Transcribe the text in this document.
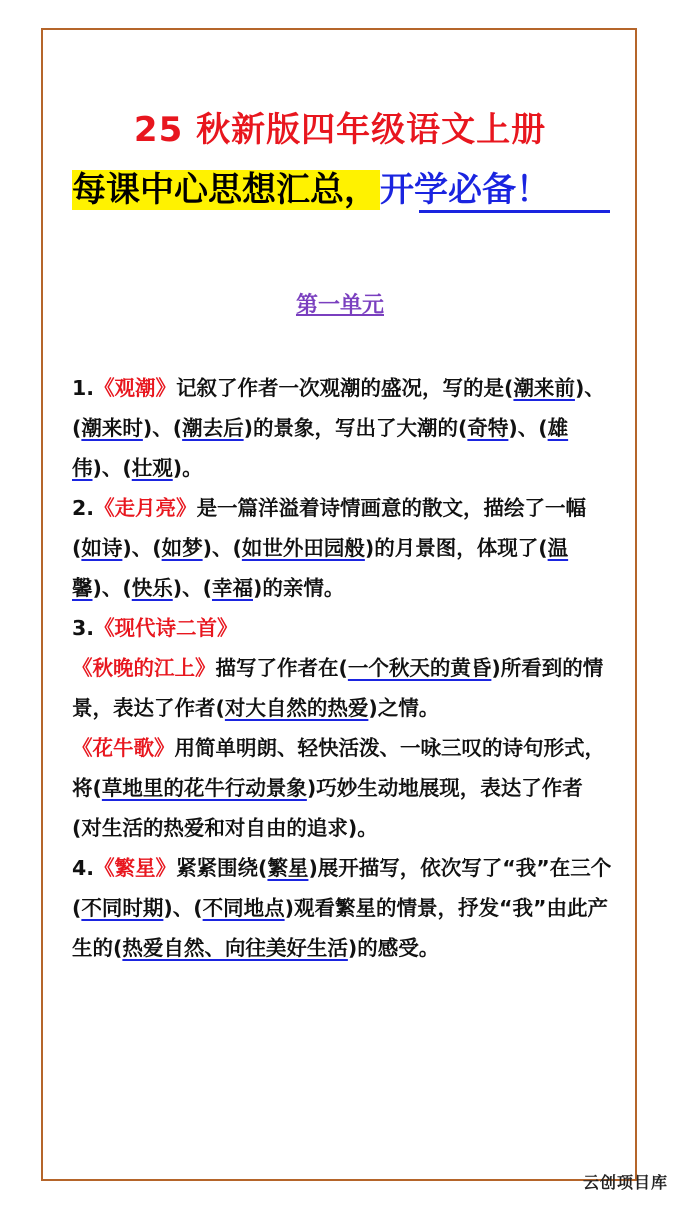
25 秋新版四年级语文上册
每课中心思想汇总，开学必备！
第一单元

1.《观潮》记叙了作者一次观潮的盛况，写的是(潮来前)、(潮来时)、(潮去后)的景象，写出了大潮的(奇特)、(雄伟)、(壮观)。

2.《走月亮》是一篇洋溢着诗情画意的散文，描绘了一幅(如诗)、(如梦)、(如世外田园般)的月景图，体现了(温馨)、(快乐)、(幸福)的亲情。

3.《现代诗二首》

《秋晚的江上》描写了作者在(一个秋天的黄昏)所看到的情景，表达了作者(对大自然的热爱)之情。

《花牛歌》用简单明朗、轻快活泼、一咏三叹的诗句形式，将(草地里的花牛行动景象)巧妙生动地展现，表达了作者(对生活的热爱和对自由的追求)。

4.《繁星》紧紧围绕(繁星)展开描写，依次写了“我”在三个(不同时期)、(不同地点)观看繁星的情景，抒发“我”由此产生的(热爱自然、向往美好生活)的感受。

云创项目库
